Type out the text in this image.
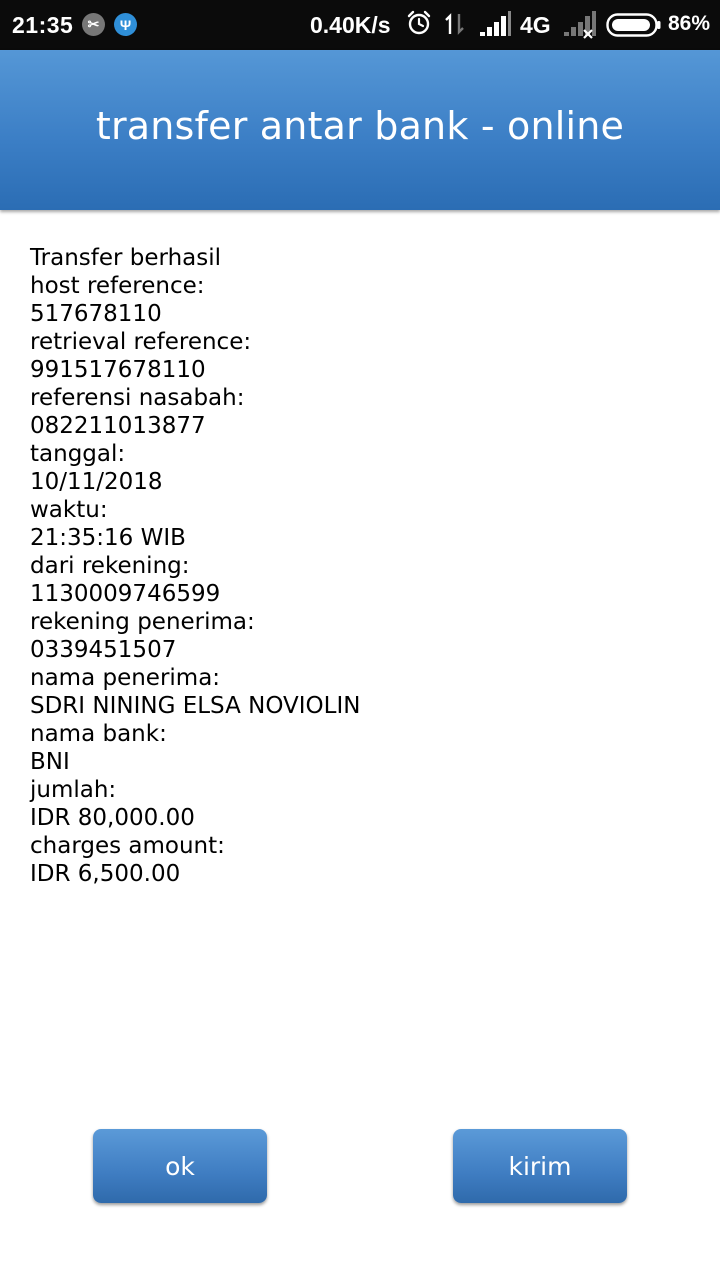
21:35	✂	Ψ	0.40K/s	4G	86%
transfer antar bank - online
Transfer berhasil
host reference:
517678110
retrieval reference:
991517678110
referensi nasabah:
082211013877
tanggal:
10/11/2018
waktu:
21:35:16 WIB
dari rekening:
1130009746599
rekening penerima:
0339451507
nama penerima:
SDRI NINING ELSA NOVIOLIN
nama bank:
BNI
jumlah:
IDR 80,000.00
charges amount:
IDR 6,500.00
ok	kirim
